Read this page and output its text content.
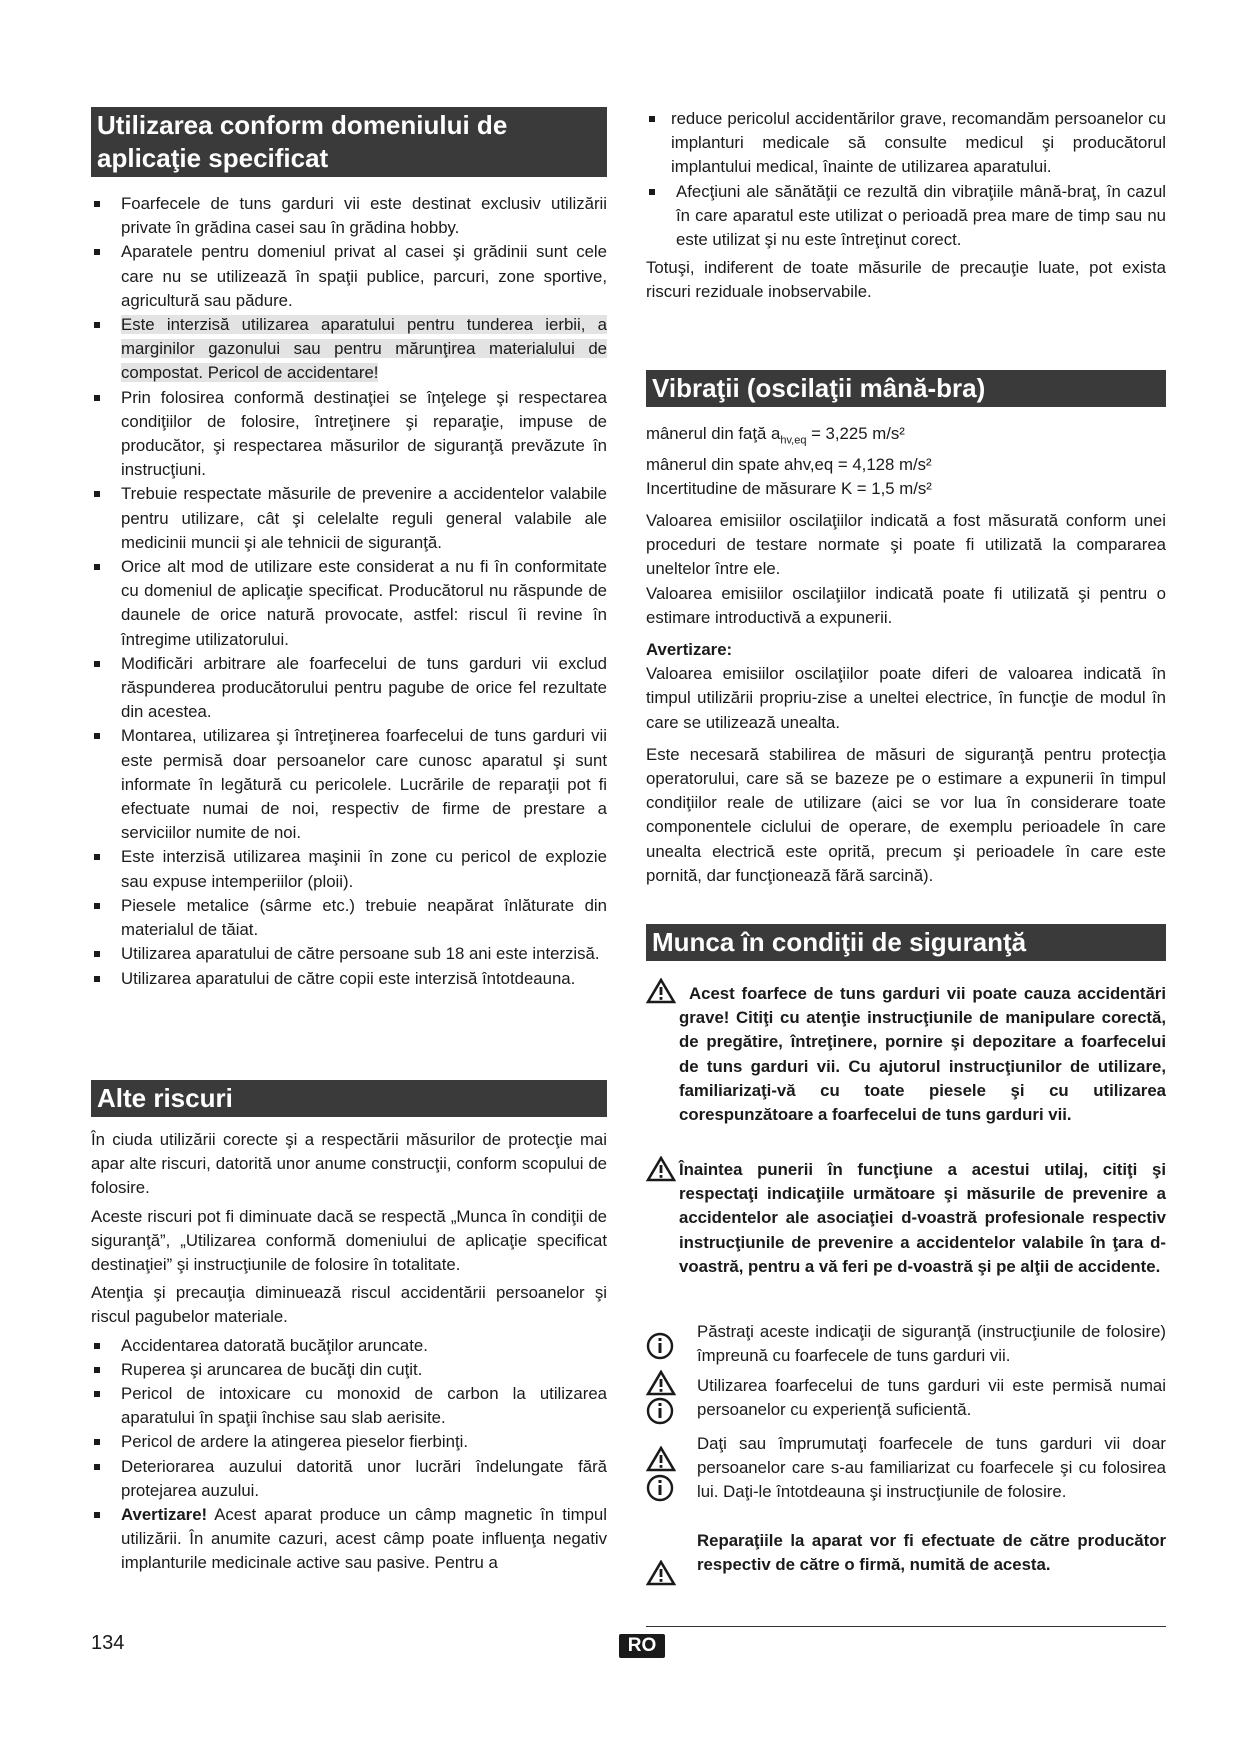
Utilizarea conform domeniului de aplicaţie specificat
Foarfecele de tuns garduri vii este destinat exclusiv utilizării private în grădina casei sau în grădina hobby.
Aparatele pentru domeniul privat al casei şi grădinii sunt cele care nu se utilizează în spaţii publice, parcuri, zone sportive, agricultură sau pădure.
Este interzisă utilizarea aparatului pentru tunderea ierbii, a marginilor gazonului sau pentru mărunţirea materialului de compostat. Pericol de accidentare!
Prin folosirea conformă destinaţiei se înţelege şi respectarea condiţiilor de folosire, întreţinere şi reparaţie, impuse de producător, şi respectarea măsurilor de siguranţă prevăzute în instrucţiuni.
Trebuie respectate măsurile de prevenire a accidentelor valabile pentru utilizare, cât şi celelalte reguli general valabile ale medicinii muncii şi ale tehnicii de siguranţă.
Orice alt mod de utilizare este considerat a nu fi în conformitate cu domeniul de aplicaţie specificat. Producătorul nu răspunde de daunele de orice natură provocate, astfel: riscul îi revine în întregime utilizatorului.
Modificări arbitrare ale foarfecelui de tuns garduri vii exclud răspunderea producătorului pentru pagube de orice fel rezultate din acestea.
Montarea, utilizarea şi întreţinerea foarfecelui de tuns garduri vii este permisă doar persoanelor care cunosc aparatul şi sunt informate în legătură cu pericolele. Lucrările de reparaţii pot fi efectuate numai de noi, respectiv de firme de prestare a serviciilor numite de noi.
Este interzisă utilizarea maşinii în zone cu pericol de explozie sau expuse intemperiilor (ploii).
Piesele metalice (sârme etc.) trebuie neapărat înlăturate din materialul de tăiat.
Utilizarea aparatului de către persoane sub 18 ani este interzisă.
Utilizarea aparatului de către copii este interzisă întotdeauna.
Alte riscuri

În ciuda utilizării corecte şi a respectării măsurilor de protecţie mai apar alte riscuri, datorită unor anume construcţii, conform scopului de folosire.

Aceste riscuri pot fi diminuate dacă se respectă „Munca în condiţii de siguranţă”, „Utilizarea conformă domeniului de aplicaţie specificat destinaţiei” şi instrucţiunile de folosire în totalitate.

Atenţia şi precauţia diminuează riscul accidentării persoanelor şi riscul pagubelor materiale.

Accidentarea datorată bucăţilor aruncate.
Ruperea şi aruncarea de bucăţi din cuţit.
Pericol de intoxicare cu monoxid de carbon la utilizarea aparatului în spaţii închise sau slab aerisite.
Pericol de ardere la atingerea pieselor fierbinţi.
Deteriorarea auzului datorită unor lucrări îndelungate fără protejarea auzului.
Avertizare! Acest aparat produce un câmp magnetic în timpul utilizării. În anumite cazuri, acest câmp poate influenţa negativ implanturile medicinale active sau pasive. Pentru a
reduce pericolul accidentărilor grave, recomandăm persoanelor cu implanturi medicale să consulte medicul şi producătorul implantului medical, înainte de utilizarea aparatului.
Afecţiuni ale sănătăţii ce rezultă din vibraţiile mână-braţ, în cazul în care aparatul este utilizat o perioadă prea mare de timp sau nu este utilizat şi nu este întreţinut corect.

Totuşi, indiferent de toate măsurile de precauţie luate, pot exista riscuri reziduale inobservabile.

Vibraţii (oscilaţii mână-bra)
mânerul din faţă $a_{hv,eq} = 3,225$ m/s²
mânerul din spate ahv,eq = 4,128 m/s²
Incertitudine de măsurare K = 1,5 m/s²

Valoarea emisiilor oscilaţiilor indicată a fost măsurată conform unei proceduri de testare normate şi poate fi utilizată la compararea uneltelor între ele.

Valoarea emisiilor oscilaţiilor indicată poate fi utilizată şi pentru o estimare introductivă a expunerii.

Avertizare:

Valoarea emisiilor oscilaţiilor poate diferi de valoarea indicată în timpul utilizării propriu-zise a uneltei electrice, în funcţie de modul în care se utilizează unealta.

Este necesară stabilirea de măsuri de siguranţă pentru protecţia operatorului, care să se bazeze pe o estimare a expunerii în timpul condiţiilor reale de utilizare (aici se vor lua în considerare toate componentele ciclului de operare, de exemplu perioadele în care unealta electrică este oprită, precum şi perioadele în care este pornită, dar funcţionează fără sarcină).

Munca în condiţii de siguranţă
Acest foarfece de tuns garduri vii poate cauza accidentări grave! Citiţi cu atenţie instrucţiunile de manipulare corectă, de pregătire, întreţinere, pornire şi depozitare a foarfecelui de tuns garduri vii. Cu ajutorul instrucţiunilor de utilizare, familiarizaţi-vă cu toate piesele şi cu utilizarea corespunzătoare a foarfecelui de tuns garduri vii.
Înaintea punerii în funcţiune a acestui utilaj, citiţi şi respectaţi indicaţiile următoare şi măsurile de prevenire a accidentelor ale asociaţiei d-voastră profesionale respectiv instrucţiunile de prevenire a accidentelor valabile în ţara d-voastră, pentru a vă feri pe d-voastră şi pe alţii de accidente.
Păstraţi aceste indicaţii de siguranţă (instrucţiunile de folosire) împreună cu foarfecele de tuns garduri vii.
Utilizarea foarfecelui de tuns garduri vii este permisă numai persoanelor cu experienţă suficientă.
Daţi sau împrumutaţi foarfecele de tuns garduri vii doar persoanelor care s-au familiarizat cu foarfecele şi cu folosirea lui. Daţi-le întotdeauna şi instrucţiunile de folosire.
Reparaţiile la aparat vor fi efectuate de către producător respectiv de către o firmă, numită de acesta.
134	RO
